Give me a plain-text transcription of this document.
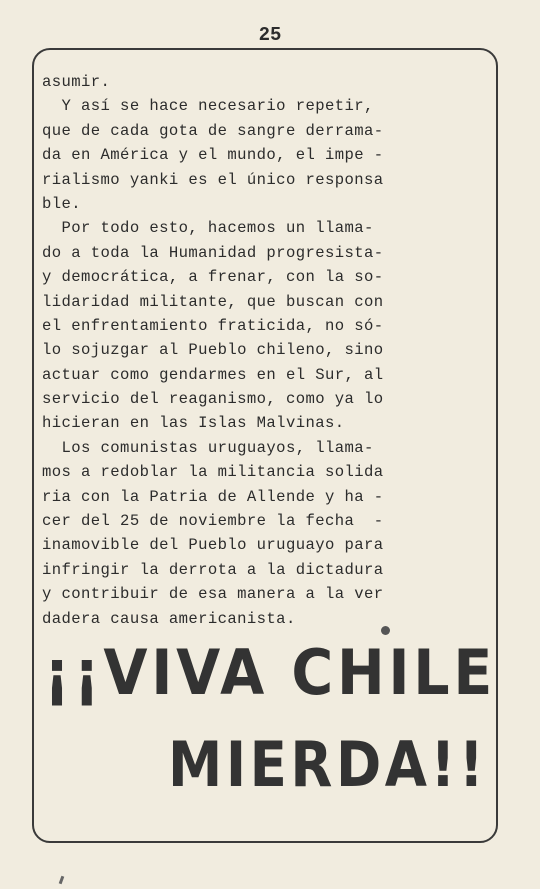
25
asumir.
Y así se hace necesario repetir,
que de cada gota de sangre derrama-
da en América y el mundo, el impe -
rialismo yanki es el único responsa
ble.
Por todo esto, hacemos un llama-
do a toda la Humanidad progresista-
y democrática, a frenar, con la so-
lidaridad militante, que buscan con
el enfrentamiento fraticida, no só-
lo sojuzgar al Pueblo chileno, sino
actuar como gendarmes en el Sur, al
servicio del reaganismo, como ya lo
hicieran en las Islas Malvinas.
Los comunistas uruguayos, llama-
mos a redoblar la militancia solida
ria con la Patria de Allende y ha -
cer del 25 de noviembre la fecha  -
inamovible del Pueblo uruguayo para
infringir la derrota a la dictadura
y contribuir de esa manera a la ver
dadera causa americanista.
¡¡VIVA CHILE
MIERDA!!
